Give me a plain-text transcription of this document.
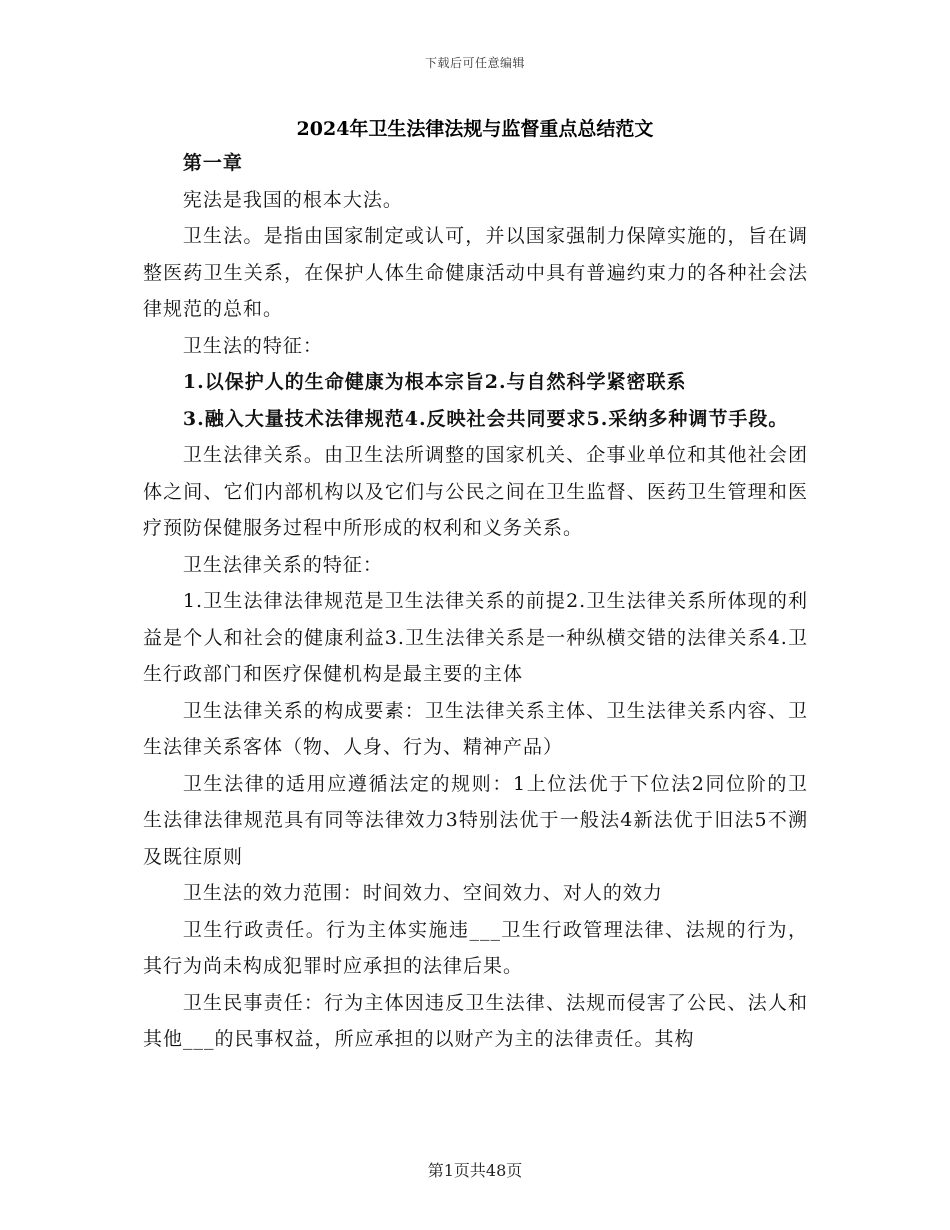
下载后可任意编辑
2024年卫生法律法规与监督重点总结范文

第一章

宪法是我国的根本大法。

卫生法。是指由国家制定或认可，并以国家强制力保障实施的，旨在调整医药卫生关系，在保护人体生命健康活动中具有普遍约束力的各种社会法律规范的总和。

卫生法的特征：

1.以保护人的生命健康为根本宗旨2.与自然科学紧密联系

3.融入大量技术法律规范4.反映社会共同要求5.采纳多种调节手段。

卫生法律关系。由卫生法所调整的国家机关、企事业单位和其他社会团体之间、它们内部机构以及它们与公民之间在卫生监督、医药卫生管理和医疗预防保健服务过程中所形成的权利和义务关系。

卫生法律关系的特征：

1.卫生法律法律规范是卫生法律关系的前提2.卫生法律关系所体现的利益是个人和社会的健康利益3.卫生法律关系是一种纵横交错的法律关系4.卫生行政部门和医疗保健机构是最主要的主体

卫生法律关系的构成要素：卫生法律关系主体、卫生法律关系内容、卫生法律关系客体（物、人身、行为、精神产品）

卫生法律的适用应遵循法定的规则：1上位法优于下位法2同位阶的卫生法律法律规范具有同等法律效力3特别法优于一般法4新法优于旧法5不溯及既往原则

卫生法的效力范围：时间效力、空间效力、对人的效力

卫生行政责任。行为主体实施违___卫生行政管理法律、法规的行为，其行为尚未构成犯罪时应承担的法律后果。

卫生民事责任：行为主体因违反卫生法律、法规而侵害了公民、法人和其他___的民事权益，所应承担的以财产为主的法律责任。其构

第1页共48页
